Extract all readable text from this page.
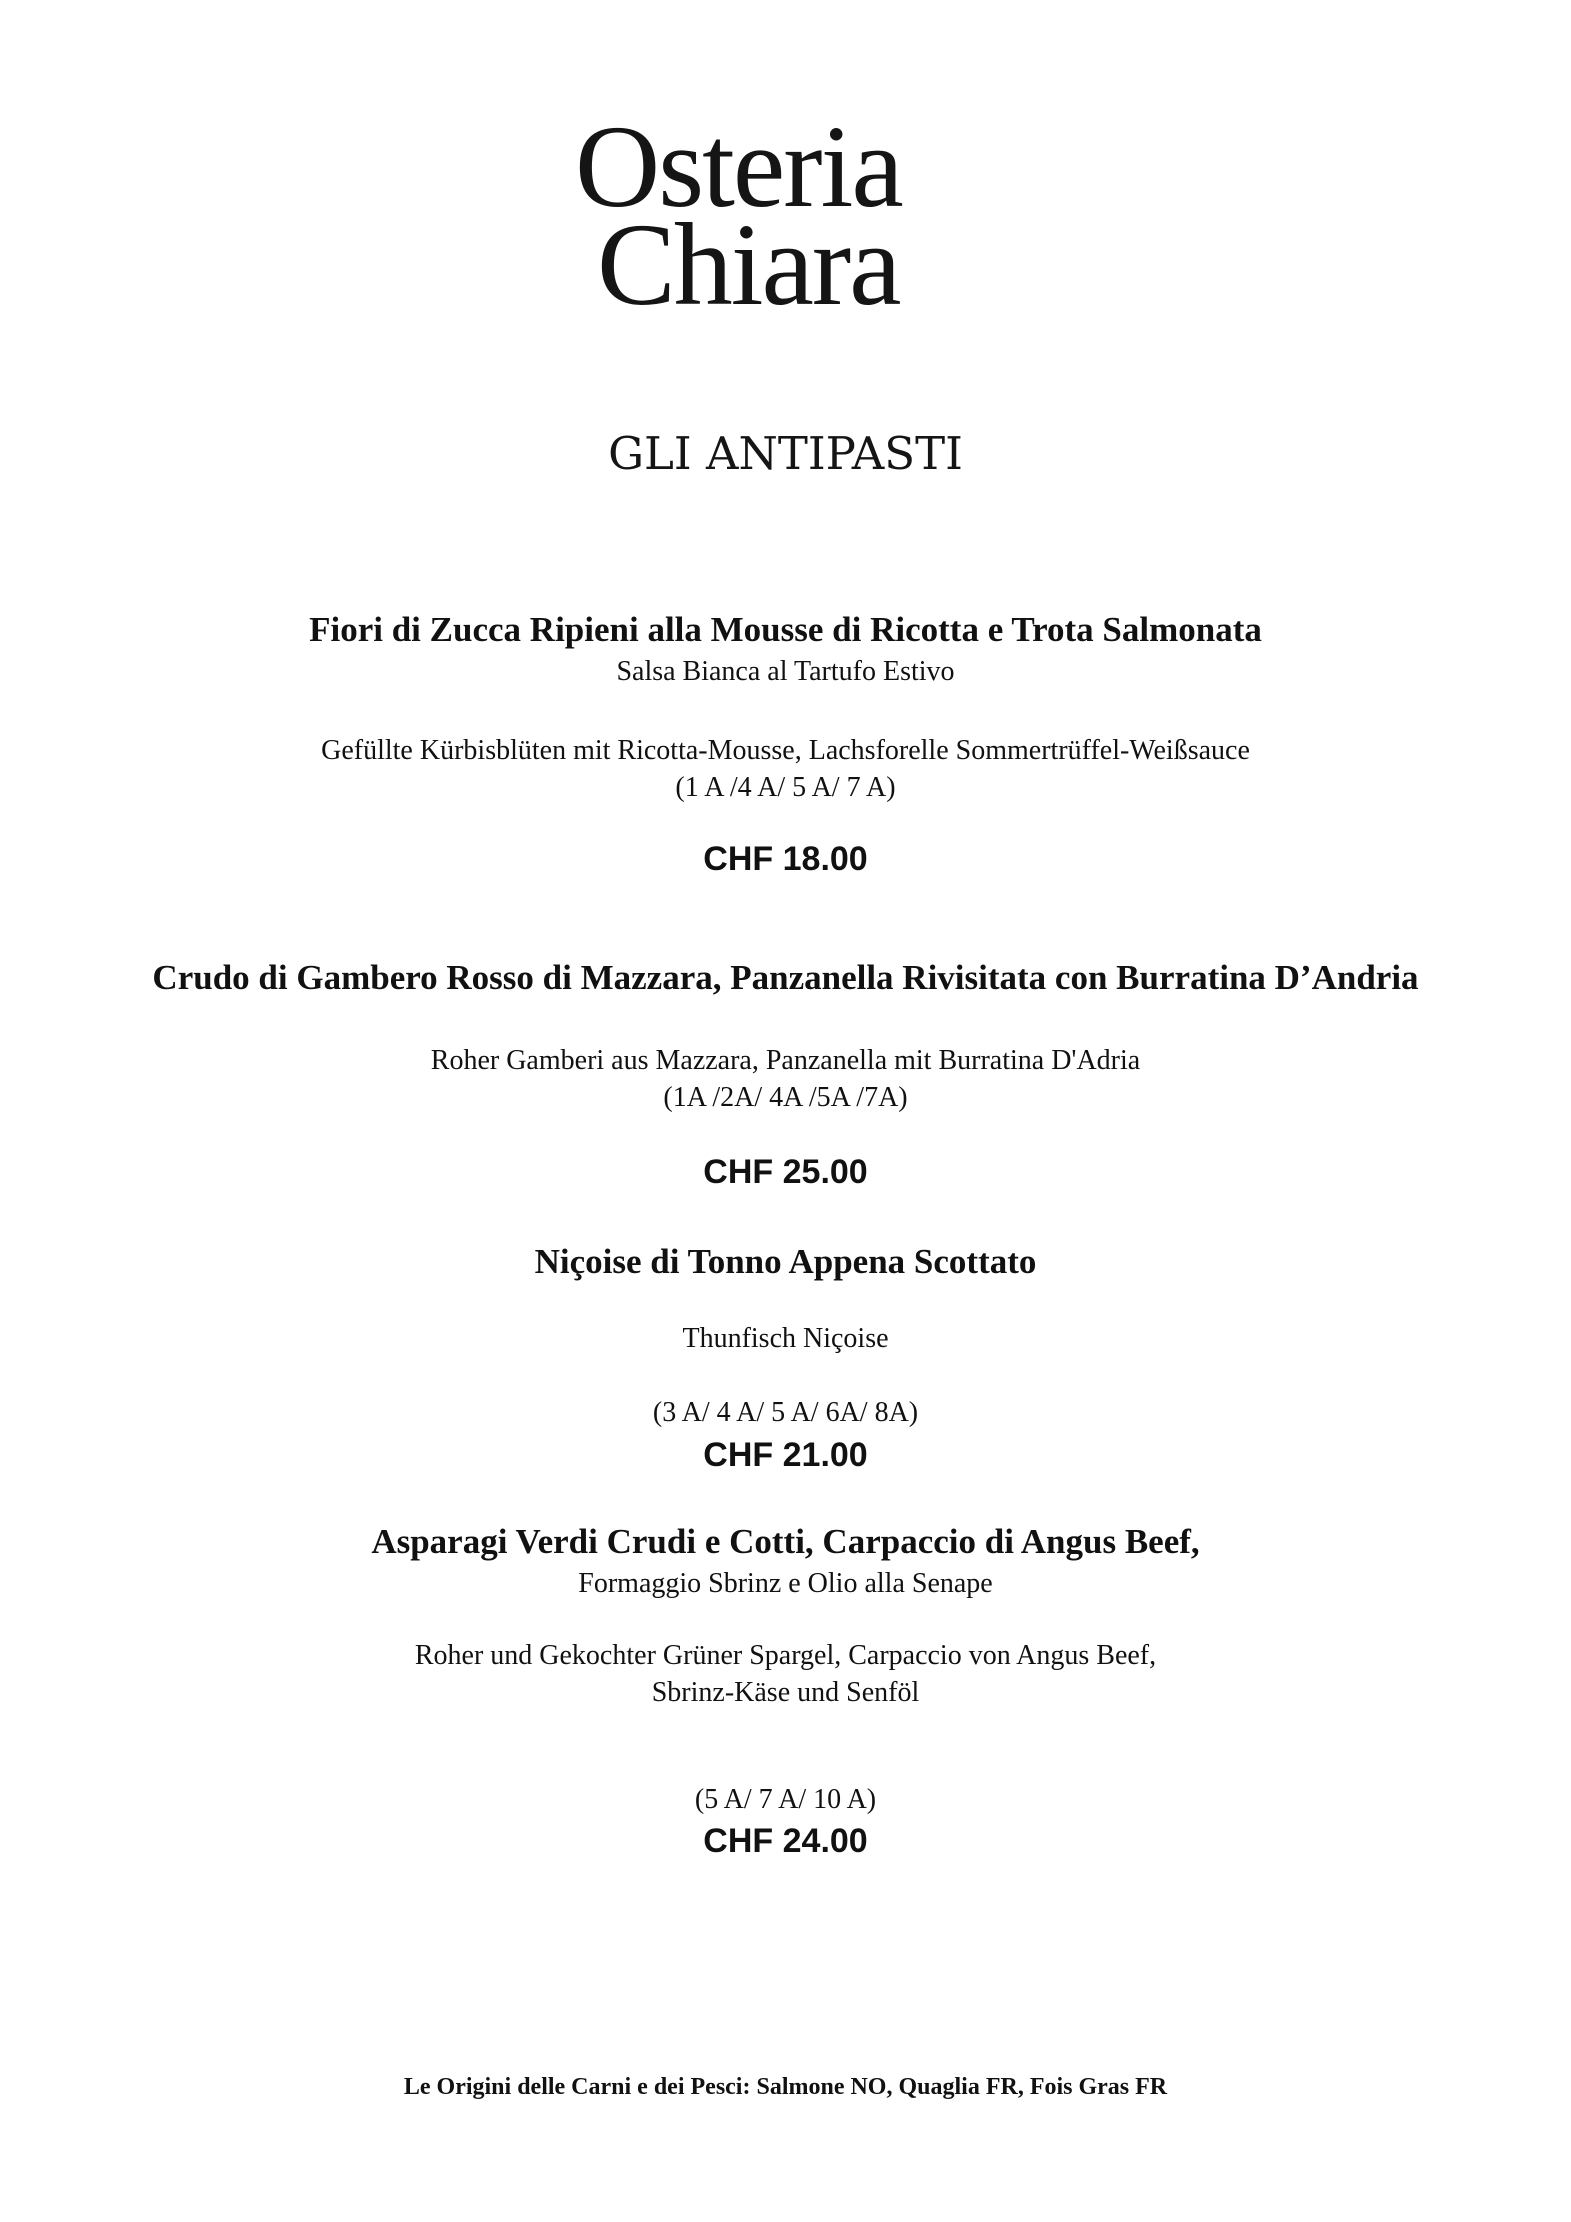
Osteria
Chiara
GLI ANTIPASTI
Fiori di Zucca Ripieni alla Mousse di Ricotta e Trota Salmonata
Salsa Bianca al Tartufo Estivo
Gefüllte Kürbisblüten mit Ricotta-Mousse, Lachsforelle Sommertrüffel-Weißsauce
(1 A /4 A/ 5 A/ 7 A)
CHF 18.00
Crudo di Gambero Rosso di Mazzara, Panzanella Rivisitata con Burratina D’Andria
Roher Gamberi aus Mazzara, Panzanella mit Burratina D'Adria
(1A /2A/ 4A /5A /7A)
CHF 25.00
Niçoise di Tonno Appena Scottato
Thunfisch Niçoise
(3 A/ 4 A/ 5 A/ 6A/ 8A)
CHF 21.00
Asparagi Verdi Crudi e Cotti, Carpaccio di Angus Beef,
Formaggio Sbrinz e Olio alla Senape
Roher und Gekochter Grüner Spargel, Carpaccio von Angus Beef,
Sbrinz-Käse und Senföl
(5 A/ 7 A/ 10 A)
CHF 24.00
Le Origini delle Carni e dei Pesci: Salmone NO, Quaglia FR, Fois Gras FR
